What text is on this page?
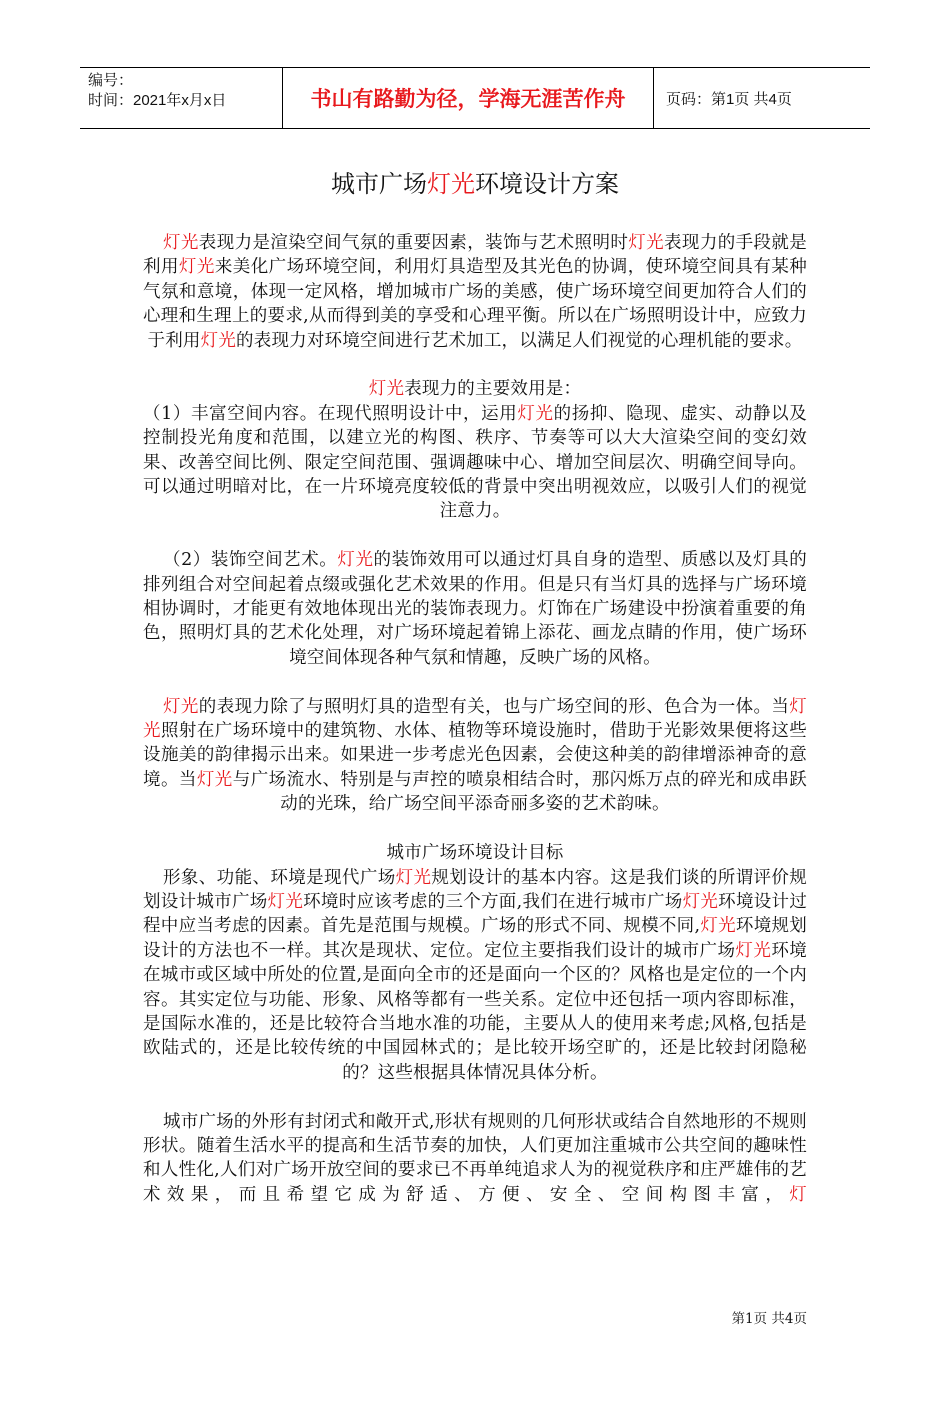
编号：
时间：2021年x月x日	书山有路勤为径，学海无涯苦作舟	页码：第1页 共4页
城市广场灯光环境设计方案

灯光表现力是渲染空间气氛的重要因素，装饰与艺术照明时灯光表现力的手段就是利用灯光来美化广场环境空间，利用灯具造型及其光色的协调，使环境空间具有某种气氛和意境，体现一定风格，增加城市广场的美感，使广场环境空间更加符合人们的心理和生理上的要求,从而得到美的享受和心理平衡。所以在广场照明设计中，应致力于利用灯光的表现力对环境空间进行艺术加工，以满足人们视觉的心理机能的要求。

灯光表现力的主要效用是：

（1）丰富空间内容。在现代照明设计中，运用灯光的扬抑、隐现、虚实、动静以及控制投光角度和范围，以建立光的构图、秩序、节奏等可以大大渲染空间的变幻效果、改善空间比例、限定空间范围、强调趣味中心、增加空间层次、明确空间导向。可以通过明暗对比，在一片环境亮度较低的背景中突出明视效应，以吸引人们的视觉注意力。

（2）装饰空间艺术。灯光的装饰效用可以通过灯具自身的造型、质感以及灯具的排列组合对空间起着点缀或强化艺术效果的作用。但是只有当灯具的选择与广场环境相协调时，才能更有效地体现出光的装饰表现力。灯饰在广场建设中扮演着重要的角色，照明灯具的艺术化处理，对广场环境起着锦上添花、画龙点睛的作用，使广场环境空间体现各种气氛和情趣，反映广场的风格。

灯光的表现力除了与照明灯具的造型有关，也与广场空间的形、色合为一体。当灯光照射在广场环境中的建筑物、水体、植物等环境设施时，借助于光影效果便将这些设施美的韵律揭示出来。如果进一步考虑光色因素，会使这种美的韵律增添神奇的意境。当灯光与广场流水、特别是与声控的喷泉相结合时，那闪烁万点的碎光和成串跃动的光珠，给广场空间平添奇丽多姿的艺术韵味。

城市广场环境设计目标

形象、功能、环境是现代广场灯光规划设计的基本内容。这是我们谈的所谓评价规划设计城市广场灯光环境时应该考虑的三个方面,我们在进行城市广场灯光环境设计过程中应当考虑的因素。首先是范围与规模。广场的形式不同、规模不同,灯光环境规划设计的方法也不一样。其次是现状、定位。定位主要指我们设计的城市广场灯光环境在城市或区域中所处的位置,是面向全市的还是面向一个区的？风格也是定位的一个内容。其实定位与功能、形象、风格等都有一些关系。定位中还包括一项内容即标准，是国际水准的，还是比较符合当地水准的功能，主要从人的使用来考虑;风格,包括是欧陆式的，还是比较传统的中国园林式的；是比较开场空旷的，还是比较封闭隐秘的？这些根据具体情况具体分析。

城市广场的外形有封闭式和敞开式,形状有规则的几何形状或结合自然地形的不规则形状。随着生活水平的提高和生活节奏的加快，人们更加注重城市公共空间的趣味性和人性化,人们对广场开放空间的要求已不再单纯追求人为的视觉秩序和庄严雄伟的艺术效果，而且希望它成为舒适、方便、安全、空间构图丰富，灯

第1页 共4页
